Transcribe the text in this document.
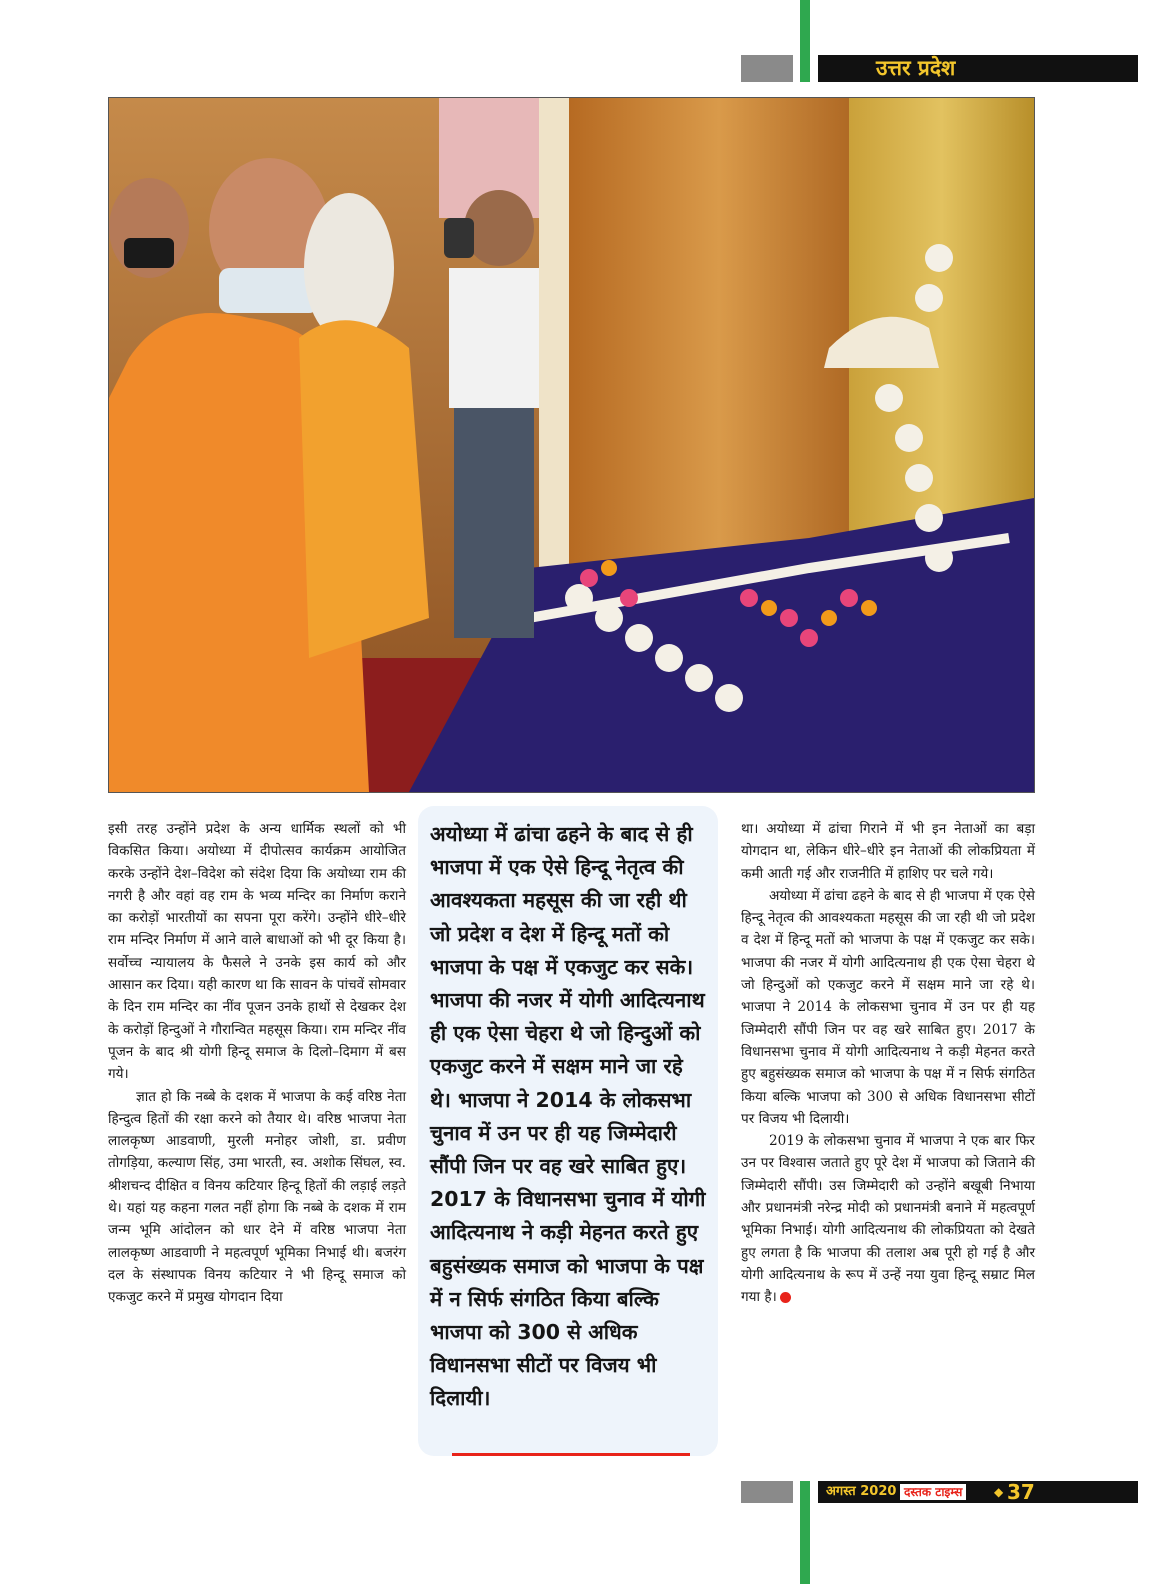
उत्तर प्रदेश

इसी तरह उन्होंने प्रदेश के अन्य धार्मिक स्थलों को भी विकसित किया। अयोध्या में दीपोत्सव कार्यक्रम आयोजित करके उन्होंने देश–विदेश को संदेश दिया कि अयोध्या राम की नगरी है और वहां वह राम के भव्य मन्दिर का निर्माण कराने का करोड़ों भारतीयों का सपना पूरा करेंगे। उन्होंने धीरे–धीरे राम मन्दिर निर्माण में आने वाले बाधाओं को भी दूर किया है। सर्वोच्च न्यायालय के फैसले ने उनके इस कार्य को और आसान कर दिया। यही कारण था कि सावन के पांचवें सोमवार के दिन राम मन्दिर का नींव पूजन उनके हाथों से देखकर देश के करोड़ों हिन्दुओं ने गौरान्वित महसूस किया। राम मन्दिर नींव पूजन के बाद श्री योगी हिन्दू समाज के दिलो–दिमाग में बस गये।

ज्ञात हो कि नब्बे के दशक में भाजपा के कई वरिष्ठ नेता हिन्दुत्व हितों की रक्षा करने को तैयार थे। वरिष्ठ भाजपा नेता लालकृष्ण आडवाणी, मुरली मनोहर जोशी, डा. प्रवीण तोगड़िया, कल्याण सिंह, उमा भारती, स्व. अशोक सिंघल, स्व. श्रीशचन्द दीक्षित व विनय कटियार हिन्दू हितों की लड़ाई लड़ते थे। यहां यह कहना गलत नहीं होगा कि नब्बे के दशक में राम जन्म भूमि आंदोलन को धार देने में वरिष्ठ भाजपा नेता लालकृष्ण आडवाणी ने महत्वपूर्ण भूमिका निभाई थी। बजरंग दल के संस्थापक विनय कटियार ने भी हिन्दू समाज को एकजुट करने में प्रमुख योगदान दिया

अयोध्या में ढांचा ढहने के बाद से ही भाजपा में एक ऐसे हिन्दू नेतृत्व की आवश्यकता महसूस की जा रही थी जो प्रदेश व देश में हिन्दू मतों को भाजपा के पक्ष में एकजुट कर सके। भाजपा की नजर में योगी आदित्यनाथ ही एक ऐसा चेहरा थे जो हिन्दुओं को एकजुट करने में सक्षम माने जा रहे थे। भाजपा ने 2014 के लोकसभा चुनाव में उन पर ही यह जिम्मेदारी सौंपी जिन पर वह खरे साबित हुए। 2017 के विधानसभा चुनाव में योगी आदित्यनाथ ने कड़ी मेहनत करते हुए बहुसंख्यक समाज को भाजपा के पक्ष में न सिर्फ संगठित किया बल्कि भाजपा को 300 से अधिक विधानसभा सीटों पर विजय भी दिलायी।

था। अयोध्या में ढांचा गिराने में भी इन नेताओं का बड़ा योगदान था, लेकिन धीरे–धीरे इन नेताओं की लोकप्रियता में कमी आती गई और राजनीति में हाशिए पर चले गये।

अयोध्या में ढांचा ढहने के बाद से ही भाजपा में एक ऐसे हिन्दू नेतृत्व की आवश्यकता महसूस की जा रही थी जो प्रदेश व देश में हिन्दू मतों को भाजपा के पक्ष में एकजुट कर सके। भाजपा की नजर में योगी आदित्यनाथ ही एक ऐसा चेहरा थे जो हिन्दुओं को एकजुट करने में सक्षम माने जा रहे थे। भाजपा ने 2014 के लोकसभा चुनाव में उन पर ही यह जिम्मेदारी सौंपी जिन पर वह खरे साबित हुए। 2017 के विधानसभा चुनाव में योगी आदित्यनाथ ने कड़ी मेहनत करते हुए बहुसंख्यक समाज को भाजपा के पक्ष में न सिर्फ संगठित किया बल्कि भाजपा को 300 से अधिक विधानसभा सीटों पर विजय भी दिलायी।

2019 के लोकसभा चुनाव में भाजपा ने एक बार फिर उन पर विश्वास जताते हुए पूरे देश में भाजपा को जिताने की जिम्मेदारी सौंपी। उस जिम्मेदारी को उन्होंने बखूबी निभाया और प्रधानमंत्री नरेन्द्र मोदी को प्रधानमंत्री बनाने में महत्वपूर्ण भूमिका निभाई। योगी आदित्यनाथ की लोकप्रियता को देखते हुए लगता है कि भाजपा की तलाश अब पूरी हो गई है और योगी आदित्यनाथ के रूप में उन्हें नया युवा हिन्दू सम्राट मिल गया है।

अगस्त 2020 दस्तक टाइम्स	◆ 37
